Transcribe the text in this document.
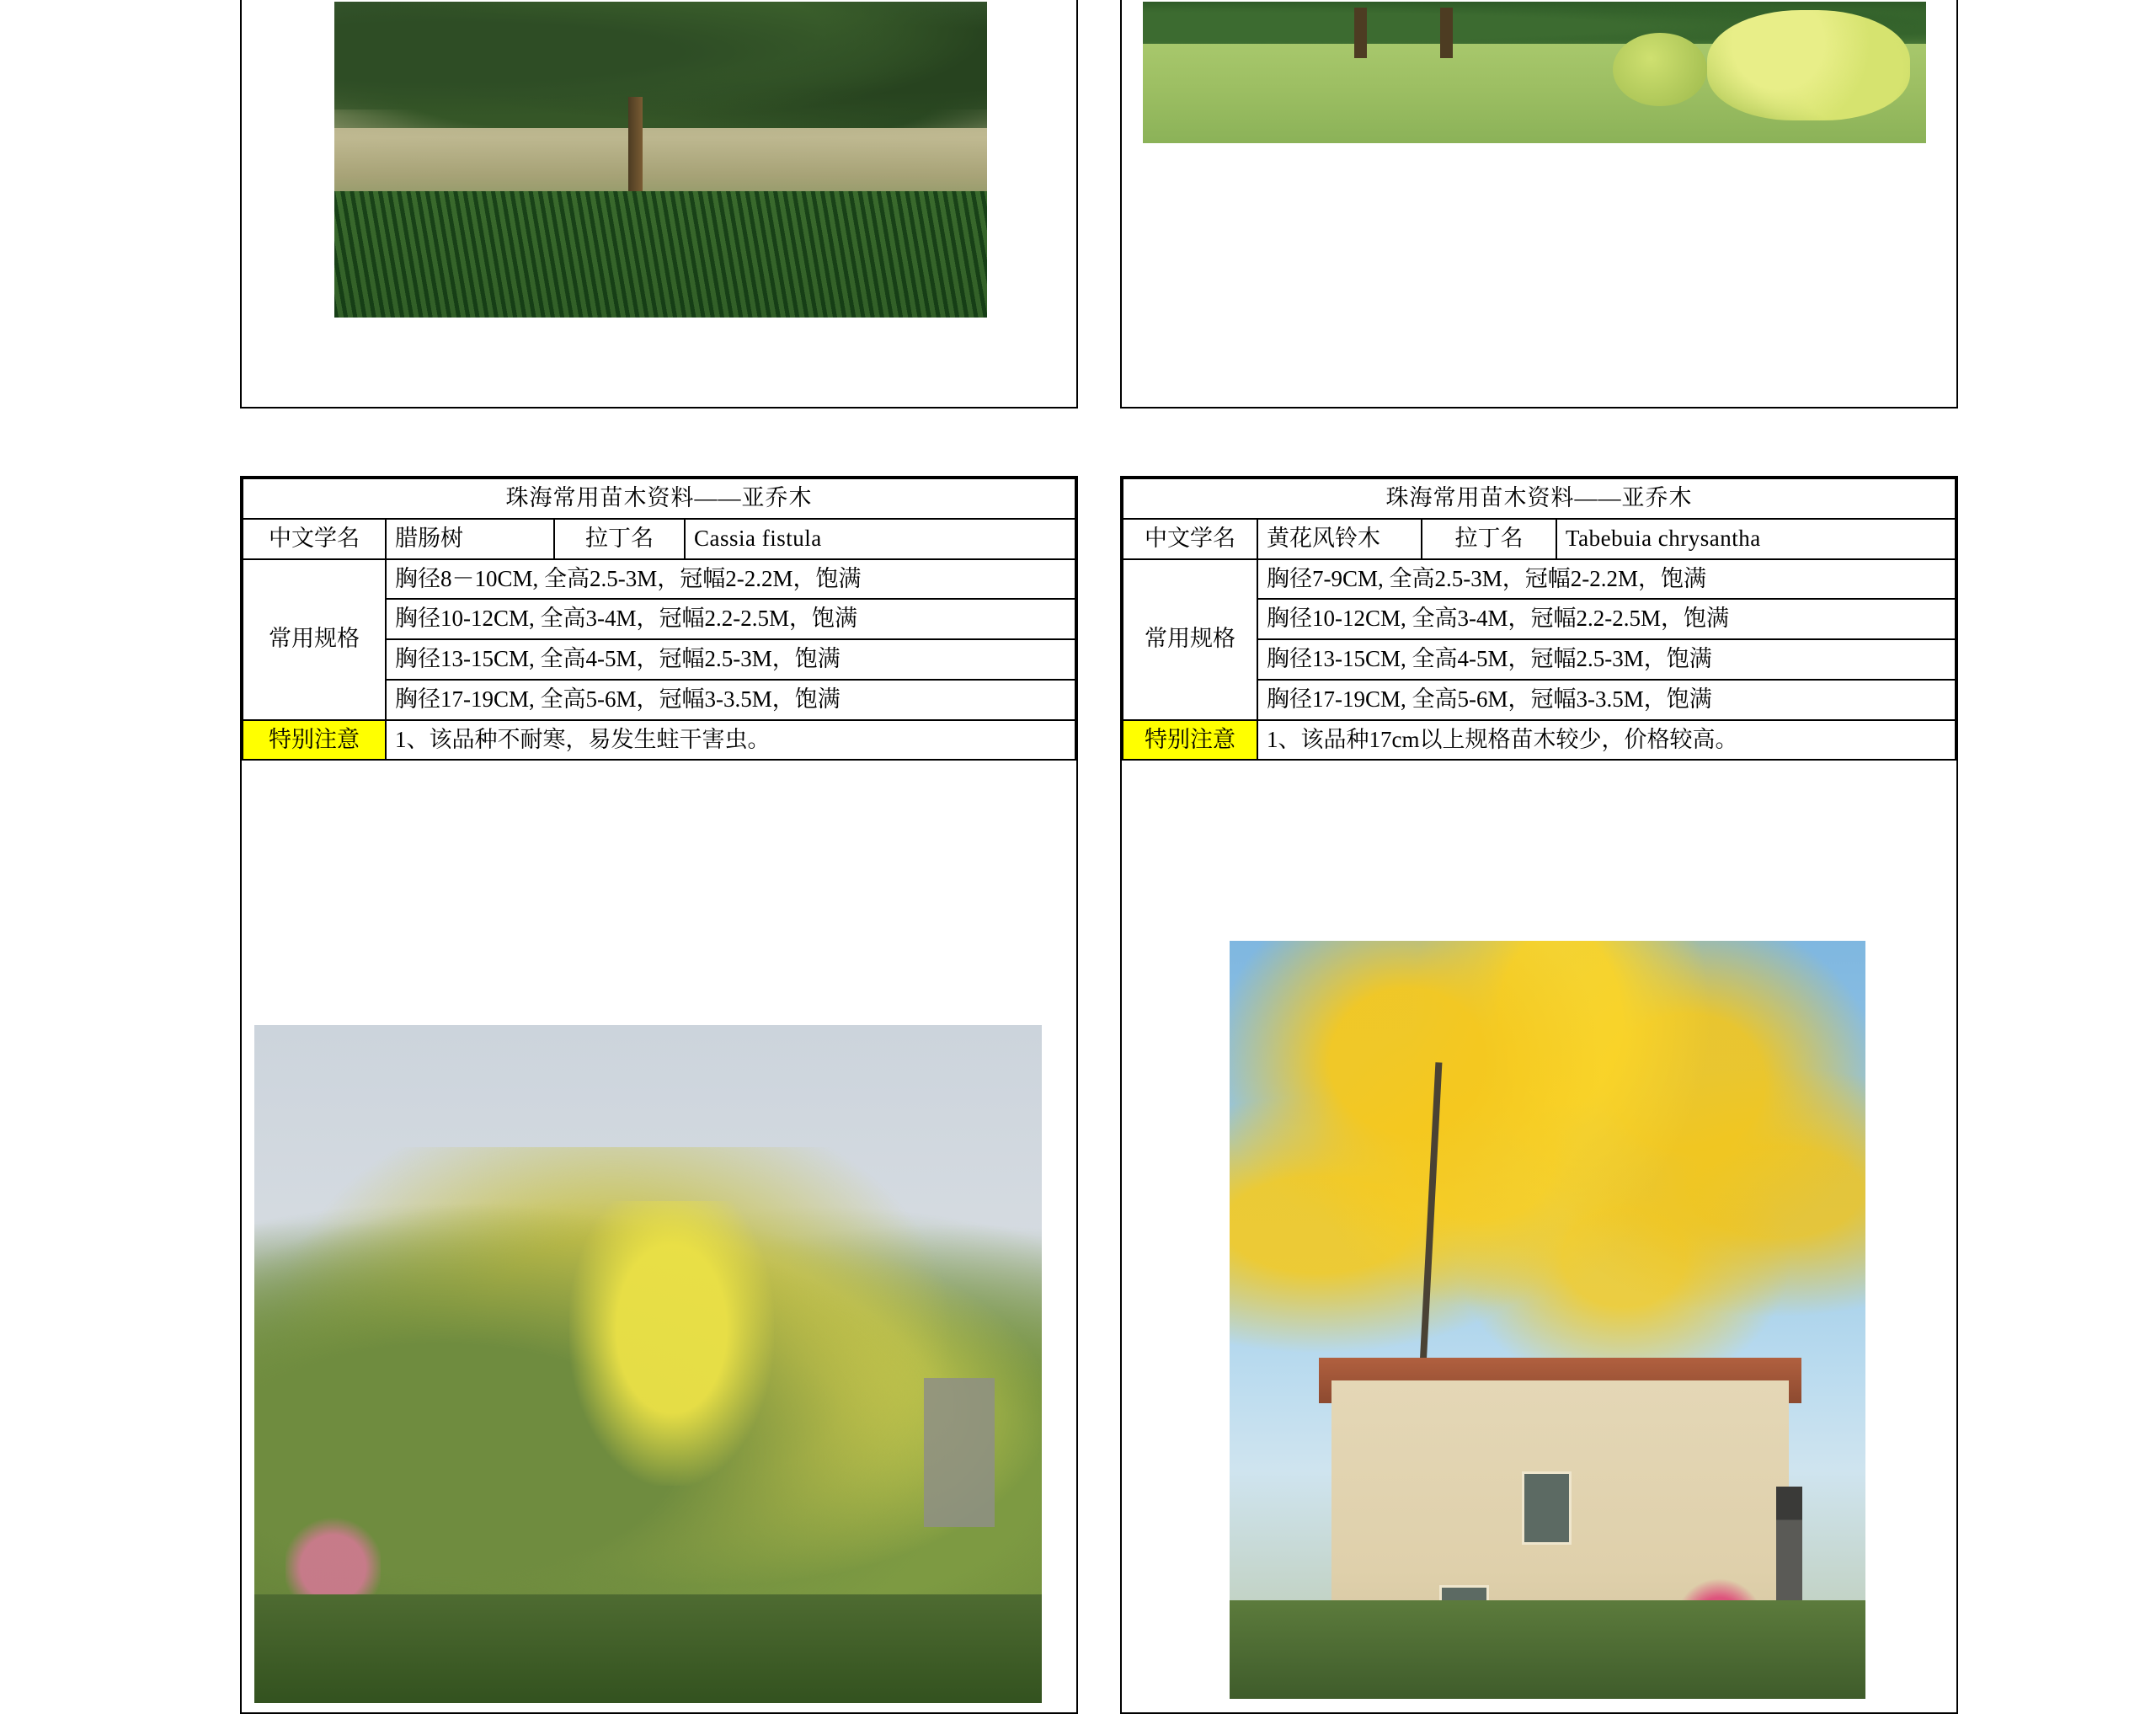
珠海常用苗木资料——亚乔木			
中文学名	腊肠树	拉丁名	Cassia fistula
常用规格	胸径8－10CM, 全高2.5-3M，冠幅2-2.2M，饱满		
	胸径10-12CM, 全高3-4M，冠幅2.2-2.5M，饱满		
	胸径13-15CM, 全高4-5M，冠幅2.5-3M，饱满		
	胸径17-19CM, 全高5-6M，冠幅3-3.5M，饱满		
特别注意	1、该品种不耐寒，易发生蛀干害虫。		
珠海常用苗木资料——亚乔木			
中文学名	黄花风铃木	拉丁名	Tabebuia chrysantha
常用规格	胸径7-9CM, 全高2.5-3M，冠幅2-2.2M，饱满		
	胸径10-12CM, 全高3-4M，冠幅2.2-2.5M，饱满		
	胸径13-15CM, 全高4-5M，冠幅2.5-3M，饱满		
	胸径17-19CM, 全高5-6M，冠幅3-3.5M，饱满		
特别注意	1、该品种17cm以上规格苗木较少，价格较高。		
